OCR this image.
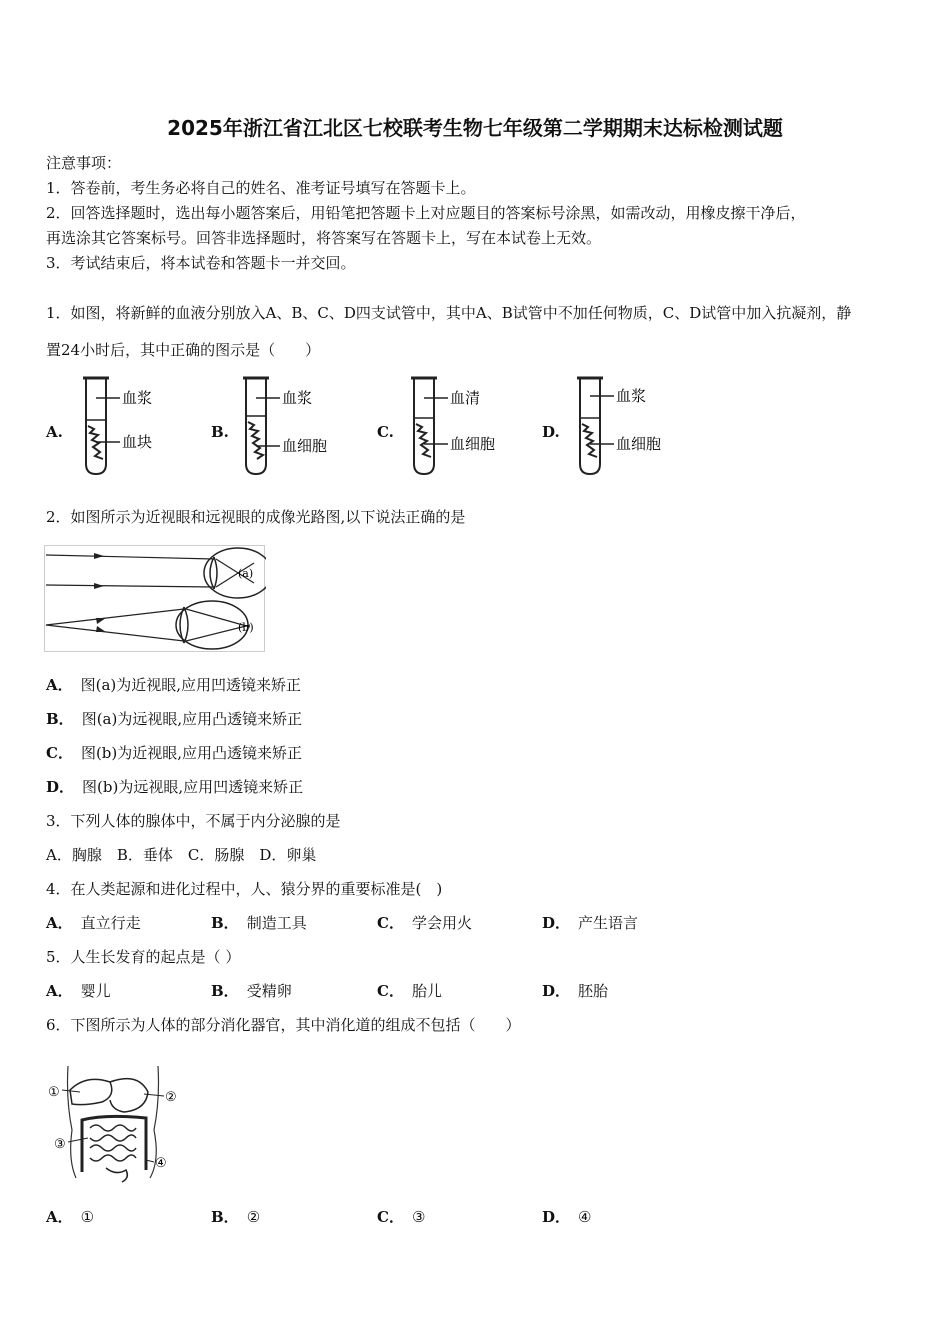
2025年浙江省江北区七校联考生物七年级第二学期期末达标检测试题
注意事项：
1．答卷前，考生务必将自己的姓名、准考证号填写在答题卡上。
2．回答选择题时，选出每小题答案后，用铅笔把答题卡上对应题目的答案标号涂黑，如需改动，用橡皮擦干净后，
再选涂其它答案标号。回答非选择题时，将答案写在答题卡上，写在本试卷上无效。
3．考试结束后，将本试卷和答题卡一并交回。
1．如图，将新鲜的血液分别放入A、B、C、D四支试管中，其中A、B试管中不加任何物质，C、D试管中加入抗凝剂，静
置24小时后，其中正确的图示是（　　）
A.
血浆
血块
B.
血浆
血细胞
C.
血清
血细胞
D.
血浆
血细胞
2．如图所示为近视眼和远视眼的成像光路图,以下说法正确的是
(a)
(b)
A． 图(a)为近视眼,应用凹透镜来矫正
B． 图(a)为远视眼,应用凸透镜来矫正
C． 图(b)为近视眼,应用凸透镜来矫正
D． 图(b)为远视眼,应用凹透镜来矫正
3．下列人体的腺体中，不属于内分泌腺的是
A．胸腺　B．垂体　C．肠腺　D．卵巢
4．在人类起源和进化过程中，人、猿分界的重要标准是(　)
A． 直立行走	B． 制造工具	C． 学会用火	D． 产生语言
5．人生长发育的起点是（ ）
A． 婴儿	B． 受精卵	C． 胎儿	D． 胚胎
6．下图所示为人体的部分消化器官，其中消化道的组成不包括（　　）
①	②
③
④
A． ①	B． ②	C． ③	D． ④
